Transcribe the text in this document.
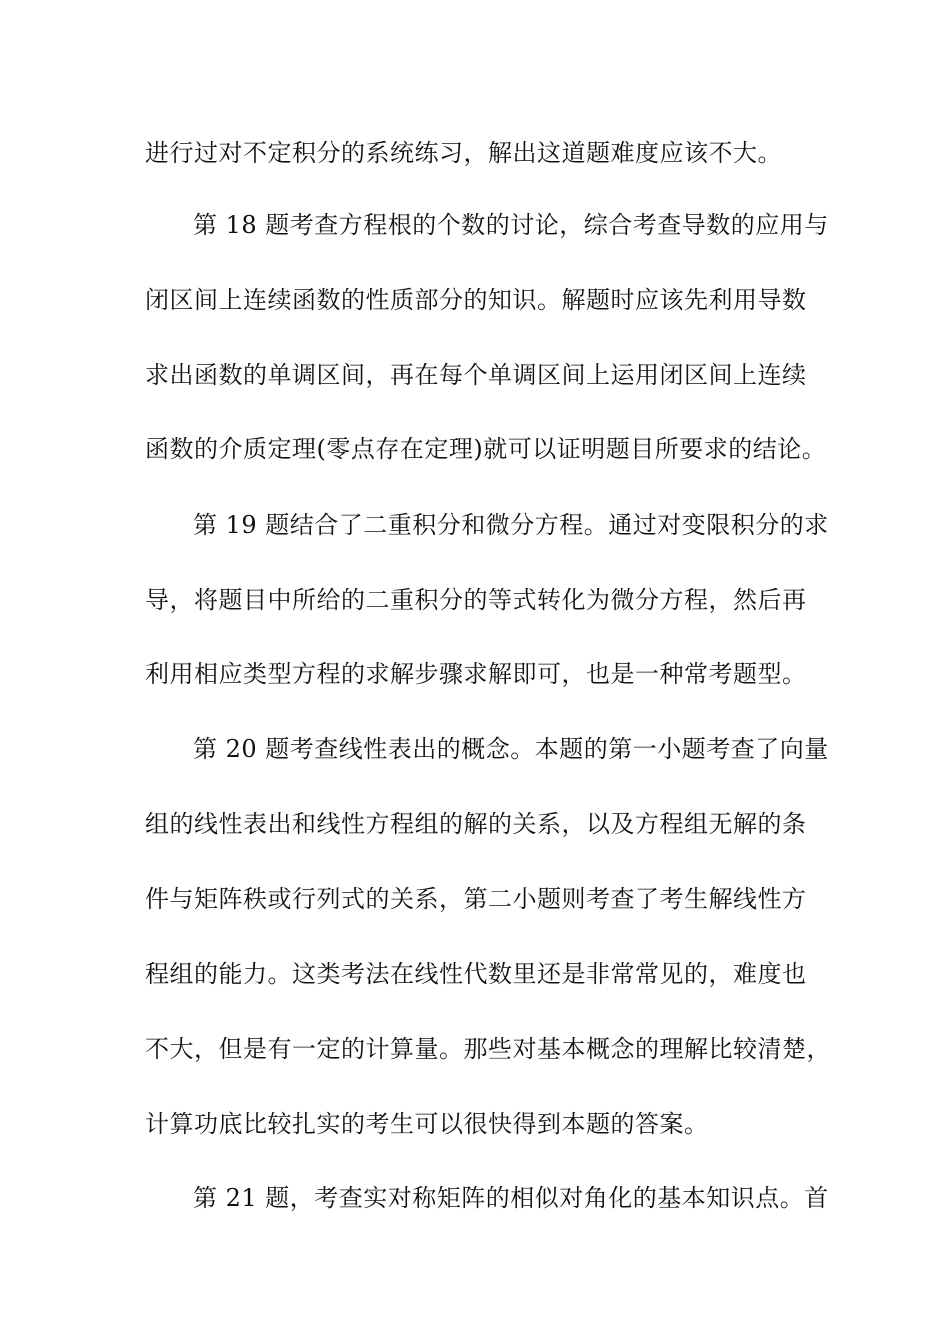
进行过对不定积分的系统练习，解出这道题难度应该不大。
第 18 题考查方程根的个数的讨论，综合考查导数的应用与
闭区间上连续函数的性质部分的知识。解题时应该先利用导数
求出函数的单调区间，再在每个单调区间上运用闭区间上连续
函数的介质定理(零点存在定理)就可以证明题目所要求的结论。
第 19 题结合了二重积分和微分方程。通过对变限积分的求
导，将题目中所给的二重积分的等式转化为微分方程，然后再
利用相应类型方程的求解步骤求解即可，也是一种常考题型。
第 20 题考查线性表出的概念。本题的第一小题考查了向量
组的线性表出和线性方程组的解的关系，以及方程组无解的条
件与矩阵秩或行列式的关系，第二小题则考查了考生解线性方
程组的能力。这类考法在线性代数里还是非常常见的，难度也
不大，但是有一定的计算量。那些对基本概念的理解比较清楚，
计算功底比较扎实的考生可以很快得到本题的答案。
第 21 题，考查实对称矩阵的相似对角化的基本知识点。首
